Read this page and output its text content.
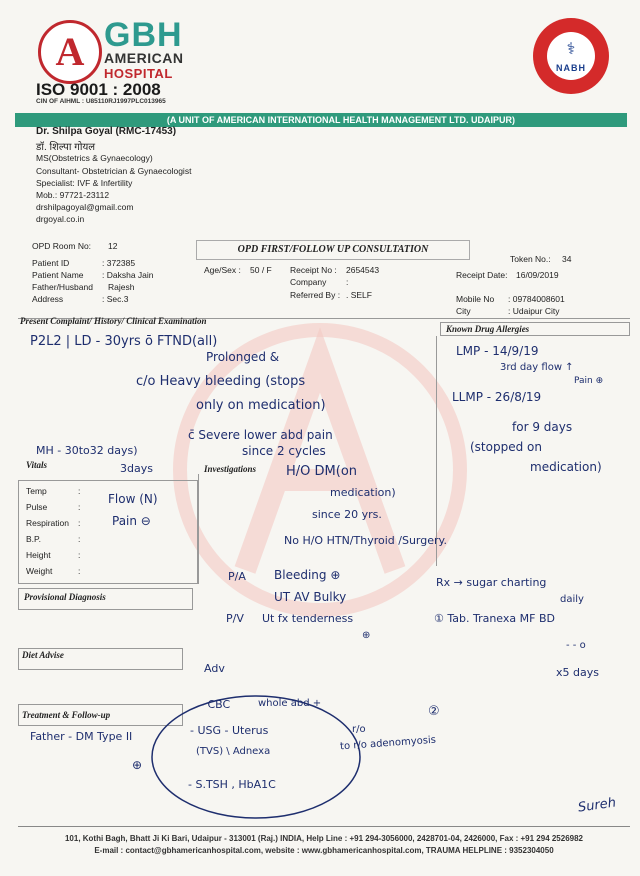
A GBH
AMERICAN
HOSPITAL
ISO 9001 : 2008
CIN OF AIHML : U85110RJ1997PLC013965
⚕
NABH
(A UNIT OF AMERICAN INTERNATIONAL HEALTH MANAGEMENT LTD. UDAIPUR)
Dr. Shilpa Goyal (RMC-17453)
डॉ. शिल्पा गोयल
MS(Obstetrics & Gynaecology)
Consultant- Obstetrician & Gynaecologist
Specialist: IVF & Infertility
Mob.: 97721-23112
drshilpagoyal@gmail.com
drgoyal.co.in
OPD Room No: 12	OPD FIRST/FOLLOW UP CONSULTATION
Token No.: 34
Patient ID	: 372385
Patient Name : Daksha Jain
Father/Husband Rajesh
Address	: Sec.3
Age/Sex : 50 / F Receipt No : 2654543
Company :
Referred By : . SELF
Receipt Date: 16/09/2019
Mobile No : 09784008601
City	: Udaipur City
Present Complaint/ History/ Clinical Examination
Known Drug Allergies
Vitals	Investigations
Temp
Pulse
Respiration
B.P.
Height
Weight
:
:
:
:
:
:
Provisional Diagnosis
Diet Advise
Treatment & Follow-up
P2L2 | LD - 30yrs ō FTND(all)
Prolonged &
c/o Heavy bleeding (stops
only on medication)
c̄ Severe lower abd pain
since 2 cycles
MH - 30to32 days)
3days
Flow (N)
Pain ⊖
H/O DM(on
medication)
since 20 yrs.
No H/O HTN/Thyroid /Surgery.
LMP - 14/9/19
3rd day flow ↑
Pain ⊕
LLMP - 26/8/19
for 9 days
(stopped on
medication)
P/A Bleeding ⊕
UT AV Bulky
P/V Ut fx tenderness
⊕
Rx → sugar charting
daily
① Tab. Tranexa MF BD
- - o
x5 days
Adv
- CBC	whole abd +
Father - DM Type II	- USG - Uterus
(TVS) \ Adnexa
r/o
to r/o adenomyosis
- S.TSH , HbA1C
②
⊕
Sureh
101, Kothi Bagh, Bhatt Ji Ki Bari, Udaipur - 313001 (Raj.) INDIA, Help Line : +91 294-3056000, 2428701-04, 2426000, Fax : +91 294 2526982
E-mail : contact@gbhamericanhospital.com, website : www.gbhamericanhospital.com, TRAUMA HELPLINE : 9352304050
